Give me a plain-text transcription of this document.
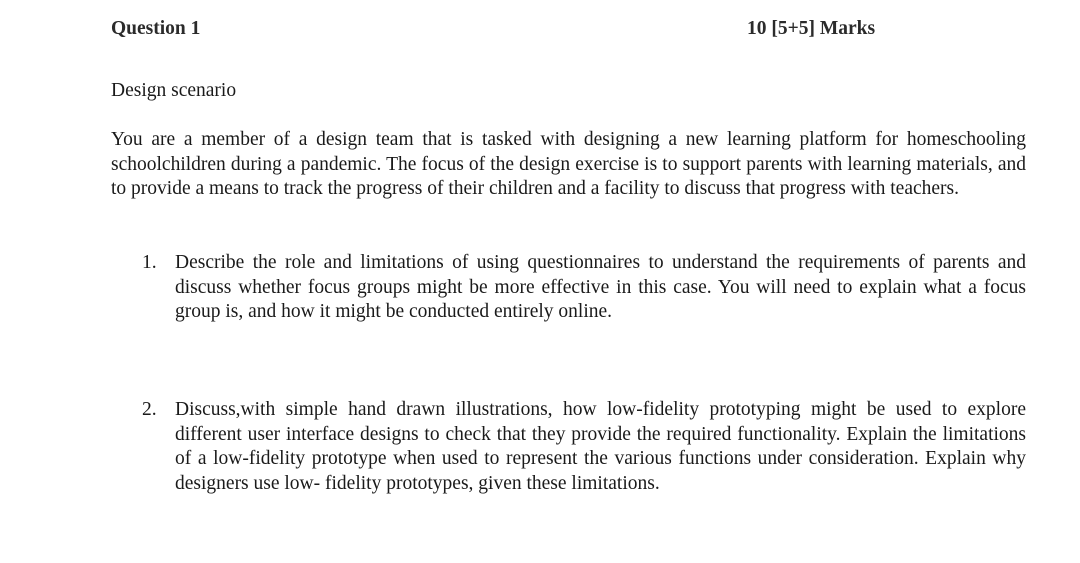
Question 1	10 [5+5] Marks
Design scenario

You are a member of a design team that is tasked with designing a new learning platform for homeschooling schoolchildren during a pandemic. The focus of the design exercise is to support parents with learning materials, and to provide a means to track the progress of their children and a facility to discuss that progress with teachers.

1. Describe the role and limitations of using questionnaires to understand the requirements of parents and discuss whether focus groups might be more effective in this case. You will need to explain what a focus group is, and how it might be conducted entirely online.

2. Discuss,with simple hand drawn illustrations, how low-fidelity prototyping might be used to explore different user interface designs to check that they provide the required functionality. Explain the limitations of a low-fidelity prototype when used to represent the various functions under consideration. Explain why designers use low- fidelity prototypes, given these limitations.
